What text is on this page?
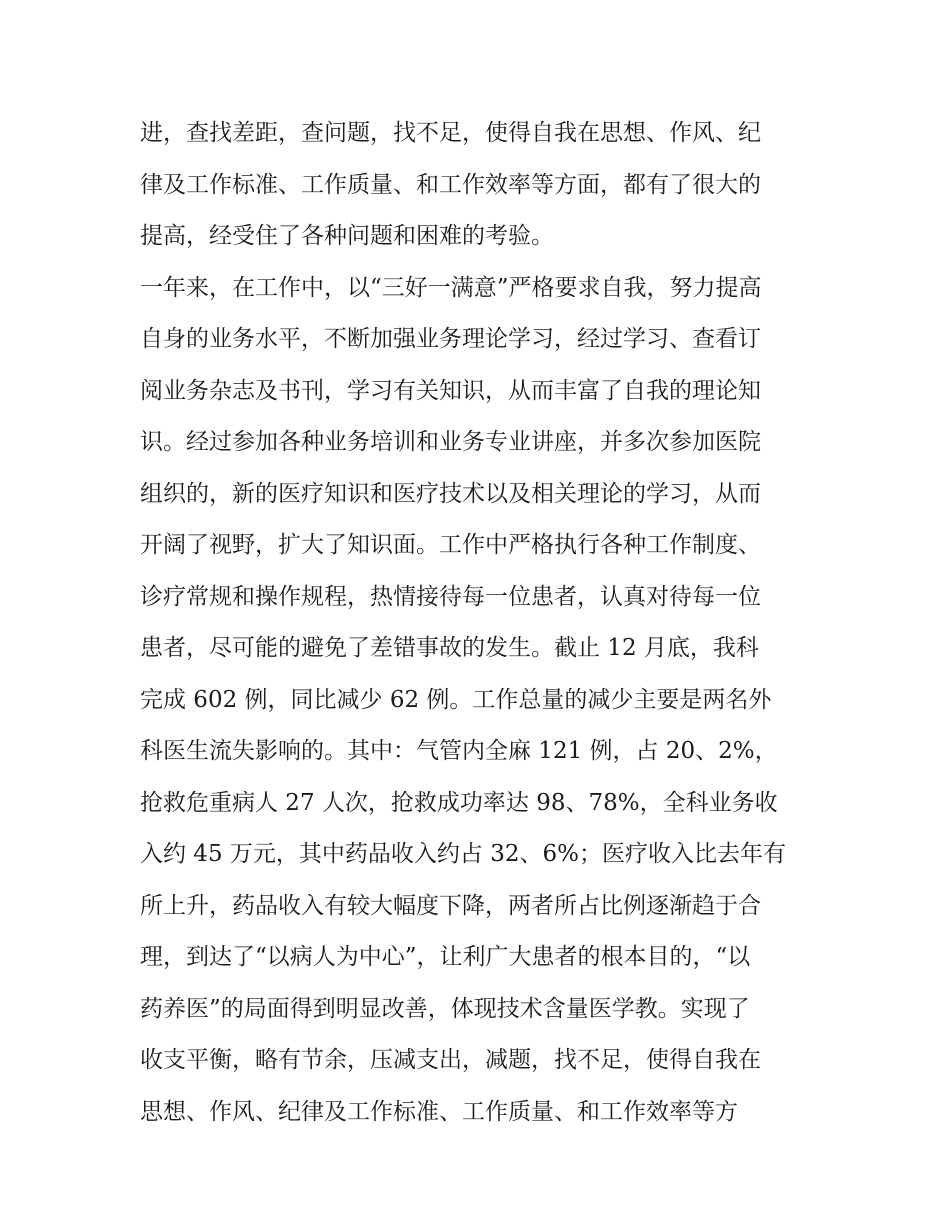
进，查找差距，查问题，找不足，使得自我在思想、作风、纪
律及工作标准、工作质量、和工作效率等方面，都有了很大的
提高，经受住了各种问题和困难的考验。
一年来，在工作中，以“三好一满意”严格要求自我，努力提高
自身的业务水平，不断加强业务理论学习，经过学习、查看订
阅业务杂志及书刊，学习有关知识，从而丰富了自我的理论知
识。经过参加各种业务培训和业务专业讲座，并多次参加医院
组织的，新的医疗知识和医疗技术以及相关理论的学习，从而
开阔了视野，扩大了知识面。工作中严格执行各种工作制度、
诊疗常规和操作规程，热情接待每一位患者，认真对待每一位
患者，尽可能的避免了差错事故的发生。截止 12 月底，我科
完成 602 例，同比减少 62 例。工作总量的减少主要是两名外
科医生流失影响的。其中：气管内全麻 121 例，占 20、2%，
抢救危重病人 27 人次，抢救成功率达 98、78%，全科业务收
入约 45 万元，其中药品收入约占 32、6%；医疗收入比去年有
所上升，药品收入有较大幅度下降，两者所占比例逐渐趋于合
理，到达了“以病人为中心”，让利广大患者的根本目的，“以
药养医”的局面得到明显改善，体现技术含量医学教。实现了
收支平衡，略有节余，压减支出，减题，找不足，使得自我在
思想、作风、纪律及工作标准、工作质量、和工作效率等方
